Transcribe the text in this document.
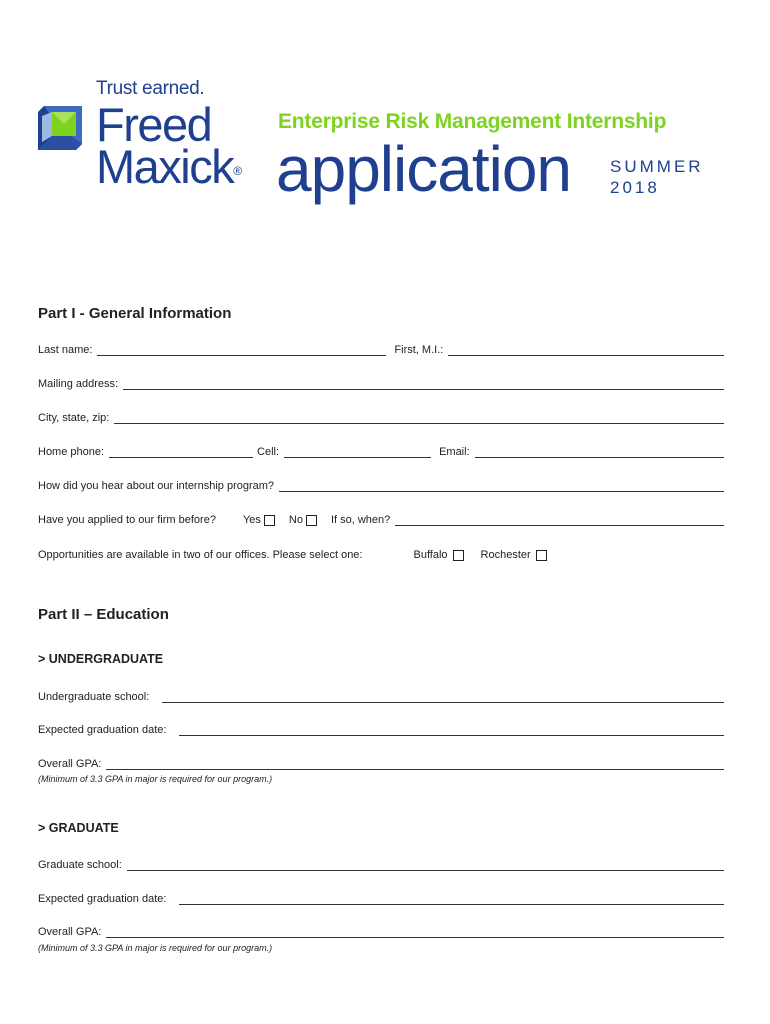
Trust earned.
Freed
Maxick®
Enterprise Risk Management Internship
application SUMMER
2018
Part I - General Information
Last name:	First, M.I.:
Mailing address:
City, state, zip:
Home phone:	Cell:	Email:
How did you hear about our internship program?
Have you applied to our firm before?	Yes	No	If so, when?
Opportunities are available in two of our offices. Please select one:	Buffalo	Rochester
Part II – Education
> UNDERGRADUATE
Undergraduate school:
Expected graduation date:
Overall GPA:
(Minimum of 3.3 GPA in major is required for our program.)
> GRADUATE
Graduate school:
Expected graduation date:
Overall GPA:
(Minimum of 3.3 GPA in major is required for our program.)
